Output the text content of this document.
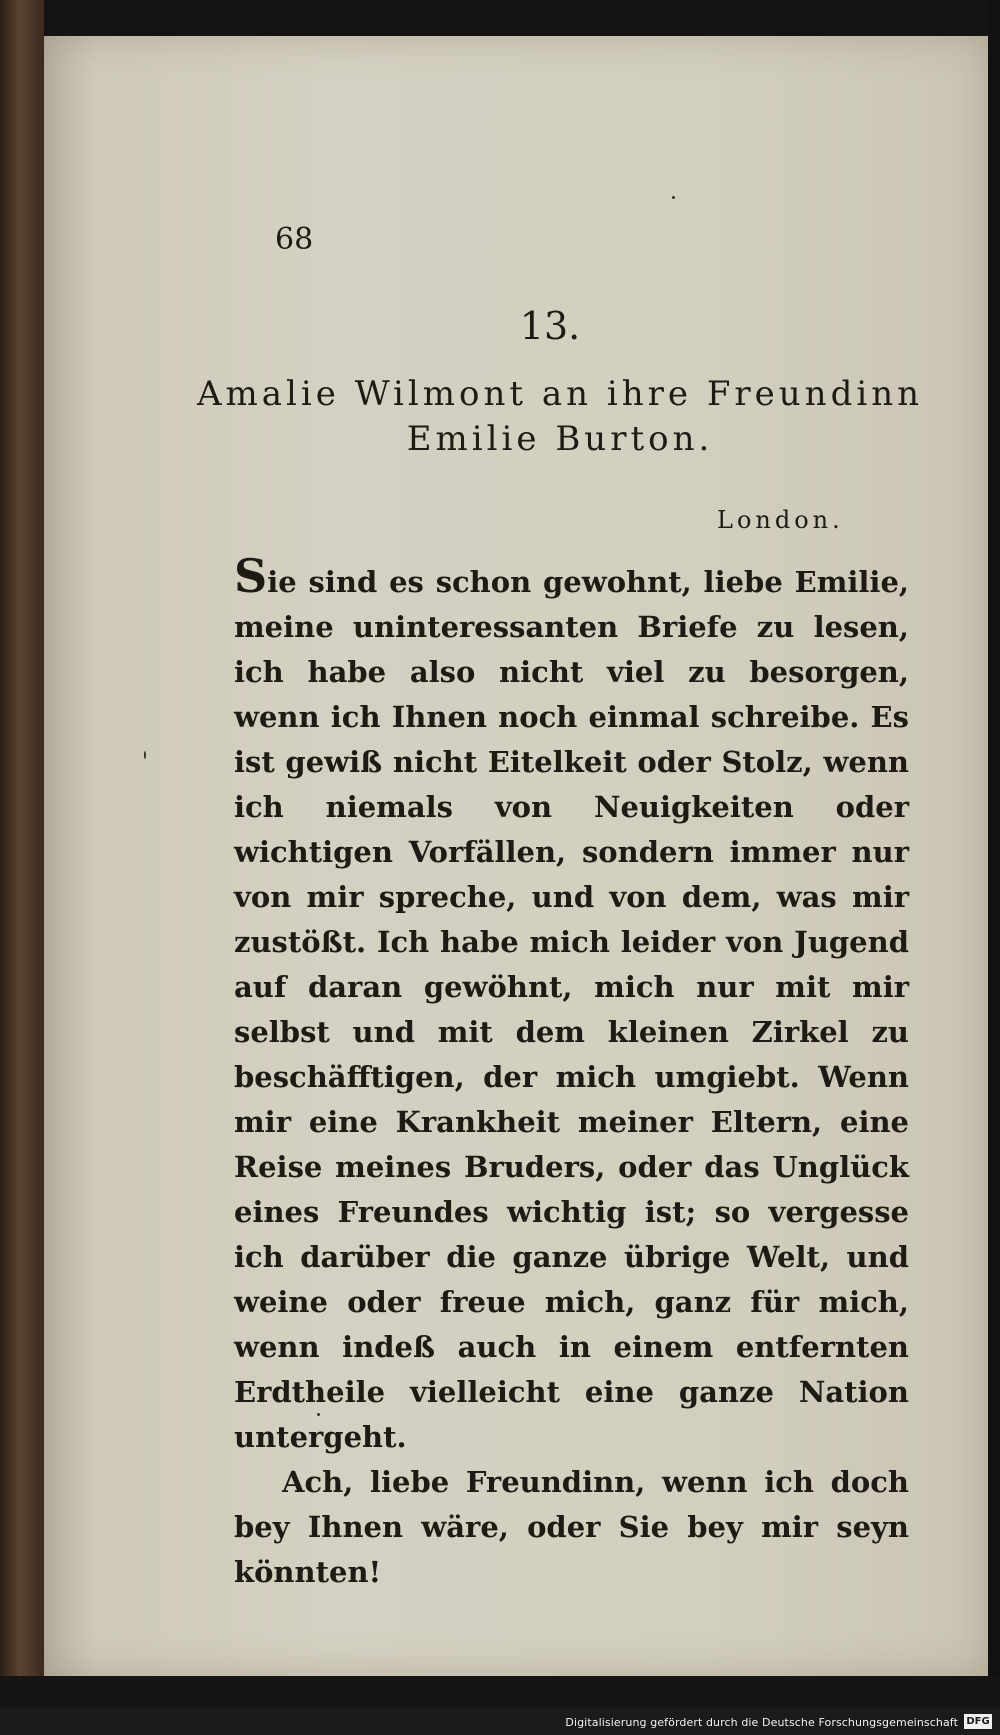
68
13.
Amalie Wilmont an ihre Freundinn
Emilie Burton.
London.

Sie sind es schon gewohnt, liebe Emilie, meine uninteressanten Briefe zu lesen, ich habe also nicht viel zu besorgen, wenn ich Ihnen noch einmal schreibe. Es ist gewiß nicht Eitelkeit oder Stolz, wenn ich niemals von Neuigkeiten oder wichtigen Vorfällen, sondern immer nur von mir spreche, und von dem, was mir zustößt. Ich habe mich leider von Jugend auf daran gewöhnt, mich nur mit mir selbst und mit dem kleinen Zirkel zu beschäfftigen, der mich umgiebt. Wenn mir eine Krankheit meiner Eltern, eine Reise meines Bruders, oder das Unglück eines Freundes wichtig ist; so vergesse ich darüber die ganze übrige Welt, und weine oder freue mich, ganz für mich, wenn indeß auch in einem entfernten Erdtheile vielleicht eine ganze Nation untergeht.

Ach, liebe Freundinn, wenn ich doch bey Ihnen wäre, oder Sie bey mir seyn könnten!

Digitalisierung gefördert durch die Deutsche Forschungsgemeinschaft DFG
